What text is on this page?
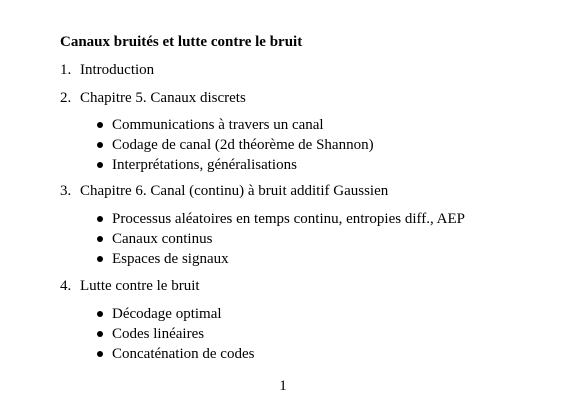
Canaux bruités et lutte contre le bruit
1. Introduction
2. Chapitre 5. Canaux discrets
Communications à travers un canal
Codage de canal (2d théorème de Shannon)
Interprétations, généralisations
3. Chapitre 6. Canal (continu) à bruit additif Gaussien
Processus aléatoires en temps continu, entropies diff., AEP
Canaux continus
Espaces de signaux
4. Lutte contre le bruit
Décodage optimal
Codes linéaires
Concaténation de codes
1
